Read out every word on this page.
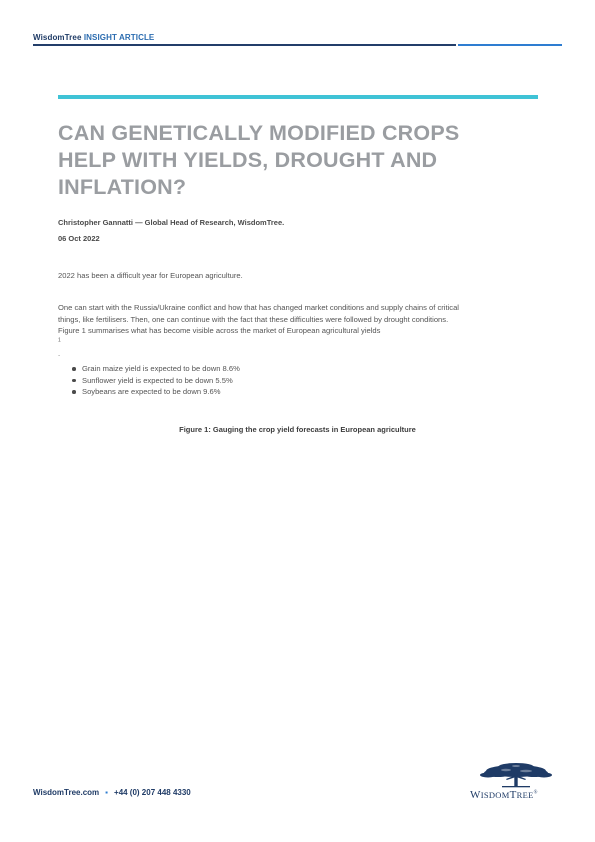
WisdomTree INSIGHT ARTICLE
CAN GENETICALLY MODIFIED CROPS
HELP WITH YIELDS, DROUGHT AND
INFLATION?
Christopher Gannatti — Global Head of Research, WisdomTree.
06 Oct 2022

2022 has been a difficult year for European agriculture.

One can start with the Russia/Ukraine conflict and how that has changed market conditions and supply chains of critical
things, like fertilisers. Then, one can continue with the fact that these difficulties were followed by drought conditions.
Figure 1 summarises what has become visible across the market of European agricultural yields
$^1$
.

Grain maize yield is expected to be down 8.6%
Sunflower yield is expected to be down 5.5%
Soybeans are expected to be down 9.6%
Figure 1: Gauging the crop yield forecasts in European agriculture
WisdomTree.com ▪ +44 (0) 207 448 4330	WISDOMTREE®
